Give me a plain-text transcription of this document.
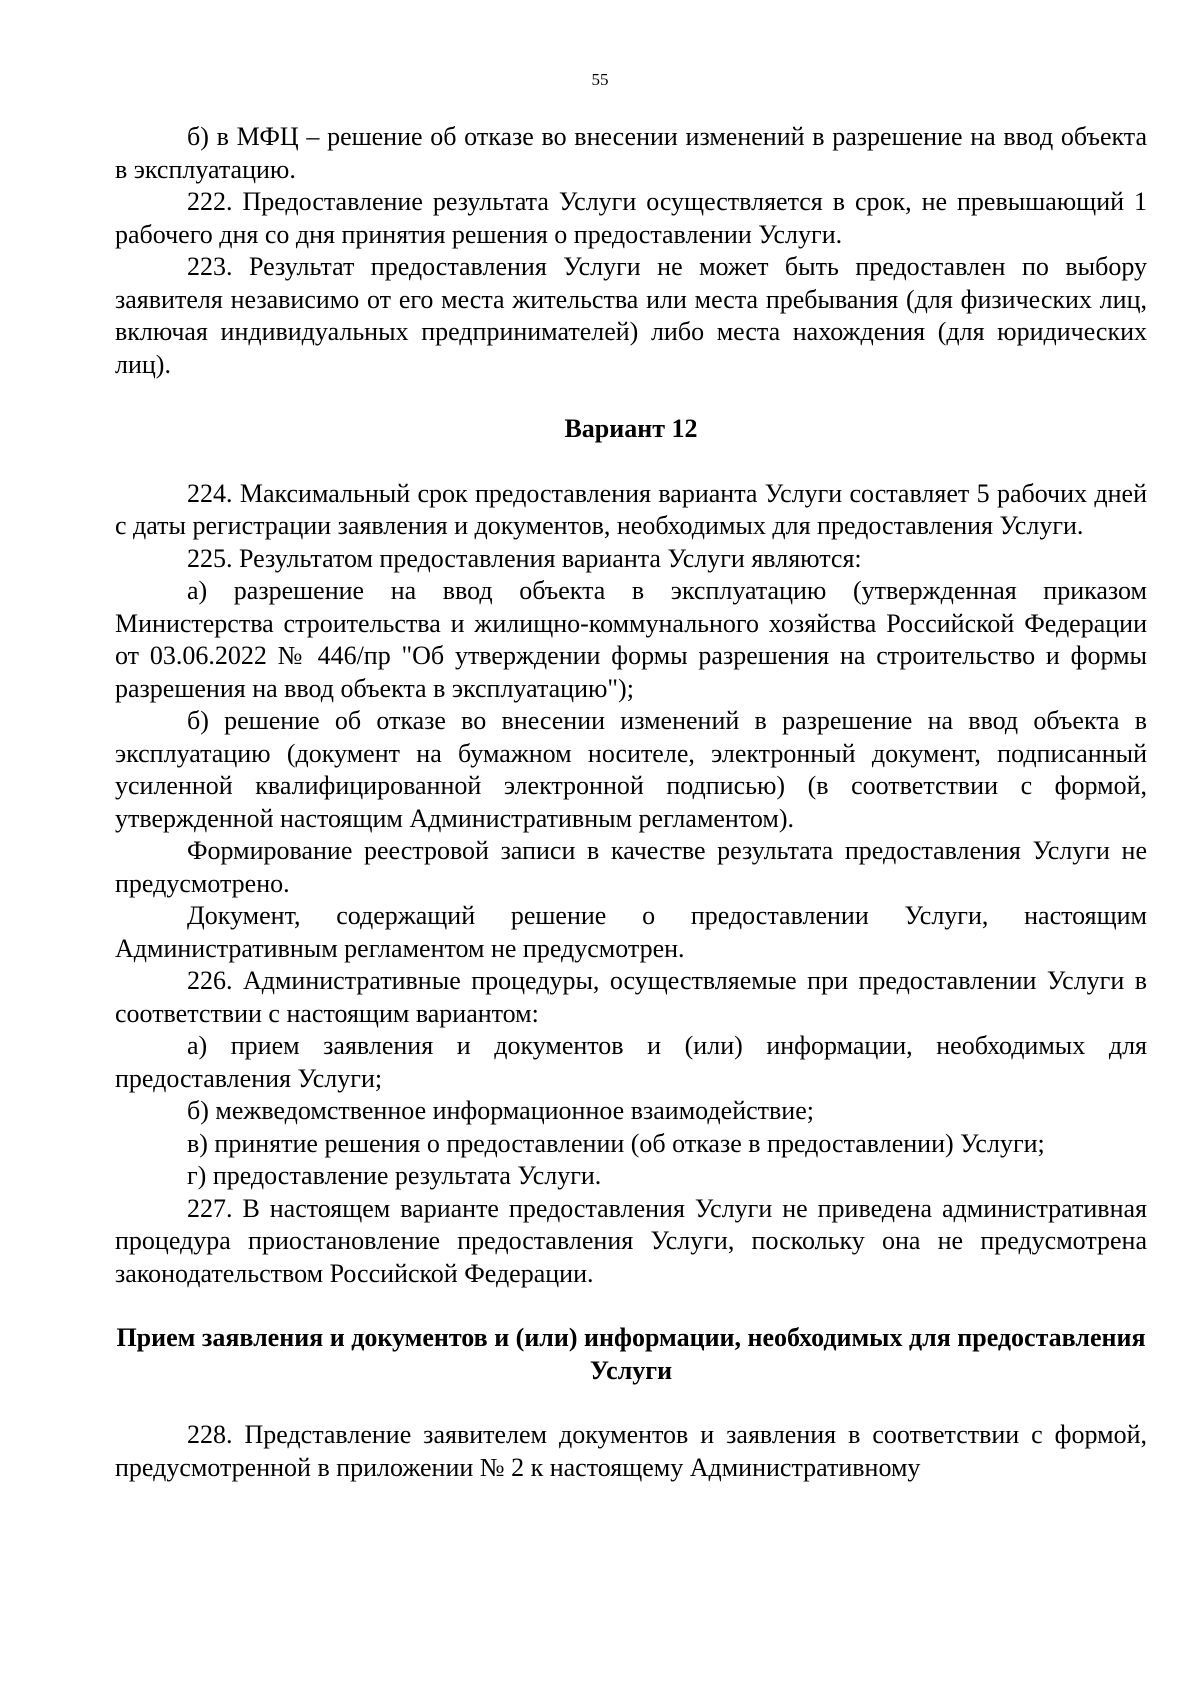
55

б) в МФЦ – решение об отказе во внесении изменений в разрешение на ввод объекта в эксплуатацию.

222. Предоставление результата Услуги осуществляется в срок, не превышающий 1 рабочего дня со дня принятия решения о предоставлении Услуги.

223. Результат предоставления Услуги не может быть предоставлен по выбору заявителя независимо от его места жительства или места пребывания (для физических лиц, включая индивидуальных предпринимателей) либо места нахождения (для юридических лиц).

Вариант 12

224. Максимальный срок предоставления варианта Услуги составляет 5 рабочих дней с даты регистрации заявления и документов, необходимых для предоставления Услуги.

225. Результатом предоставления варианта Услуги являются:

а) разрешение на ввод объекта в эксплуатацию (утвержденная приказом Министерства строительства и жилищно-коммунального хозяйства Российской Федерации от 03.06.2022 № 446/пр "Об утверждении формы разрешения на строительство и формы разрешения на ввод объекта в эксплуатацию");

б) решение об отказе во внесении изменений в разрешение на ввод объекта в эксплуатацию (документ на бумажном носителе, электронный документ, подписанный усиленной квалифицированной электронной подписью) (в соответствии с формой, утвержденной настоящим Административным регламентом).

Формирование реестровой записи в качестве результата предоставления Услуги не предусмотрено.

Документ, содержащий решение о предоставлении Услуги, настоящим Административным регламентом не предусмотрен.

226. Административные процедуры, осуществляемые при предоставлении Услуги в соответствии с настоящим вариантом:

а) прием заявления и документов и (или) информации, необходимых для предоставления Услуги;

б) межведомственное информационное взаимодействие;

в) принятие решения о предоставлении (об отказе в предоставлении) Услуги;

г) предоставление результата Услуги.

227. В настоящем варианте предоставления Услуги не приведена административная процедура приостановление предоставления Услуги, поскольку она не предусмотрена законодательством Российской Федерации.

Прием заявления и документов и (или) информации, необходимых для предоставления Услуги

228. Представление заявителем документов и заявления в соответствии с формой, предусмотренной в приложении № 2 к настоящему Административному
